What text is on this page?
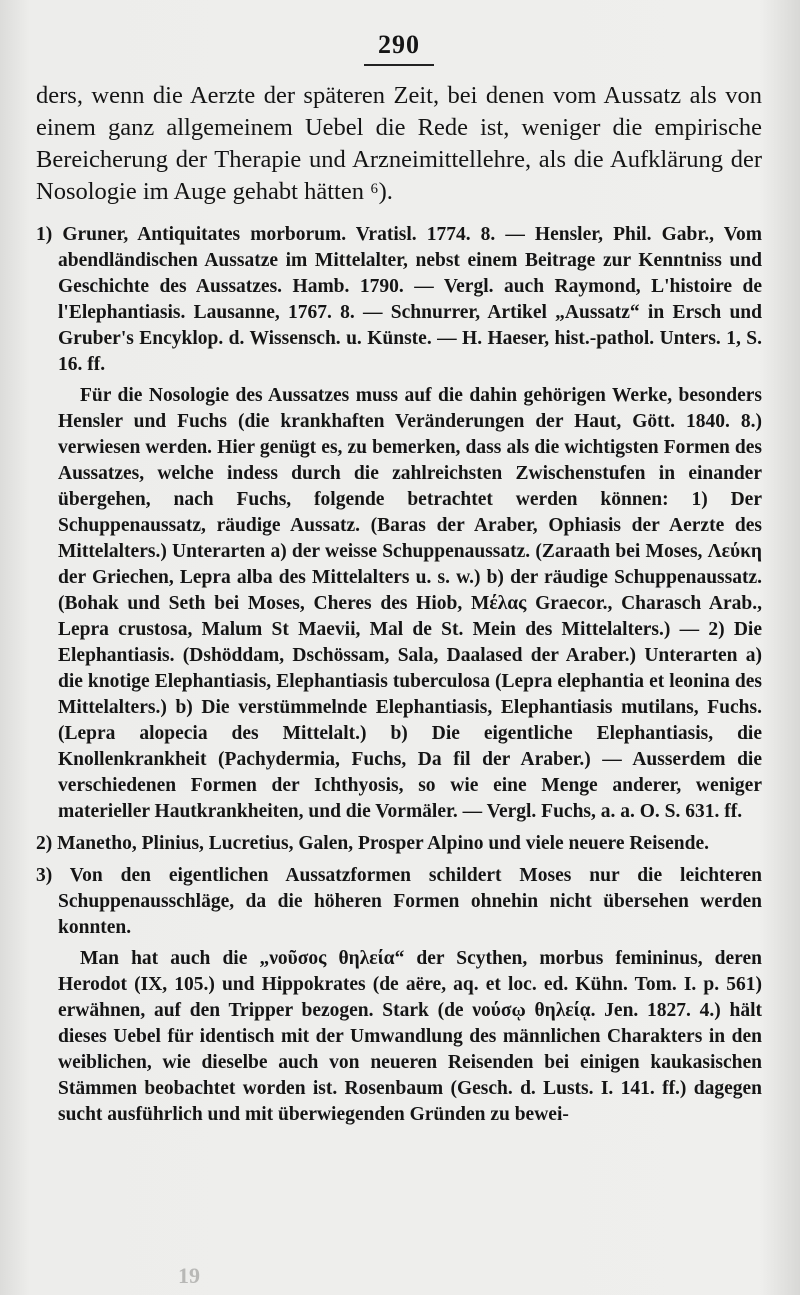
290

ders, wenn die Aerzte der späteren Zeit, bei denen vom Aussatz als von einem ganz allgemeinem Uebel die Rede ist, weniger die empirische Bereicherung der Therapie und Arzneimittellehre, als die Aufklärung der Nosologie im Auge gehabt hätten ⁶).

1) Gruner, Antiquitates morborum. Vratisl. 1774. 8. — Hensler, Phil. Gabr., Vom abendländischen Aussatze im Mittelalter, nebst einem Beitrage zur Kenntniss und Geschichte des Aussatzes. Hamb. 1790. — Vergl. auch Raymond, L'histoire de l'Elephantiasis. Lausanne, 1767. 8. — Schnurrer, Artikel „Aussatz“ in Ersch und Gruber's Encyklop. d. Wissensch. u. Künste. — H. Haeser, hist.-pathol. Unters. 1, S. 16. ff.

Für die Nosologie des Aussatzes muss auf die dahin gehörigen Werke, besonders Hensler und Fuchs (die krankhaften Veränderungen der Haut, Gött. 1840. 8.) verwiesen werden. Hier genügt es, zu bemerken, dass als die wichtigsten Formen des Aussatzes, welche indess durch die zahlreichsten Zwischenstufen in einander übergehen, nach Fuchs, folgende betrachtet werden können: 1) Der Schuppenaussatz, räudige Aussatz. (Baras der Araber, Ophiasis der Aerzte des Mittelalters.) Unterarten a) der weisse Schuppenaussatz. (Zaraath bei Moses, Λεύκη der Griechen, Lepra alba des Mittelalters u. s. w.) b) der räudige Schuppenaussatz. (Bohak und Seth bei Moses, Cheres des Hiob, Μέλας Graecor., Charasch Arab., Lepra crustosa, Malum St Maevii, Mal de St. Mein des Mittelalters.) — 2) Die Elephantiasis. (Dshöddam, Dschössam, Sala, Daalased der Araber.) Unterarten a) die knotige Elephantiasis, Elephantiasis tuberculosa (Lepra elephantia et leonina des Mittelalters.) b) Die verstümmelnde Elephantiasis, Elephantiasis mutilans, Fuchs. (Lepra alopecia des Mittelalt.) b) Die eigentliche Elephantiasis, die Knollenkrankheit (Pachydermia, Fuchs, Da fil der Araber.) — Ausserdem die verschiedenen Formen der Ichthyosis, so wie eine Menge anderer, weniger materieller Hautkrankheiten, und die Vormäler. — Vergl. Fuchs, a. a. O. S. 631. ff.

2) Manetho, Plinius, Lucretius, Galen, Prosper Alpino und viele neuere Reisende.

3) Von den eigentlichen Aussatzformen schildert Moses nur die leichteren Schuppenausschläge, da die höheren Formen ohnehin nicht übersehen werden konnten.

Man hat auch die „νοῦσος θηλεία“ der Scythen, morbus femininus, deren Herodot (IX, 105.) und Hippokrates (de aëre, aq. et loc. ed. Kühn. Tom. I. p. 561) erwähnen, auf den Tripper bezogen. Stark (de νούσῳ θηλείᾳ. Jen. 1827. 4.) hält dieses Uebel für identisch mit der Umwandlung des männlichen Charakters in den weiblichen, wie dieselbe auch von neueren Reisenden bei einigen kaukasischen Stämmen beobachtet worden ist. Rosenbaum (Gesch. d. Lusts. I. 141. ff.) dagegen sucht ausführlich und mit überwiegenden Gründen zu bewei-

19
